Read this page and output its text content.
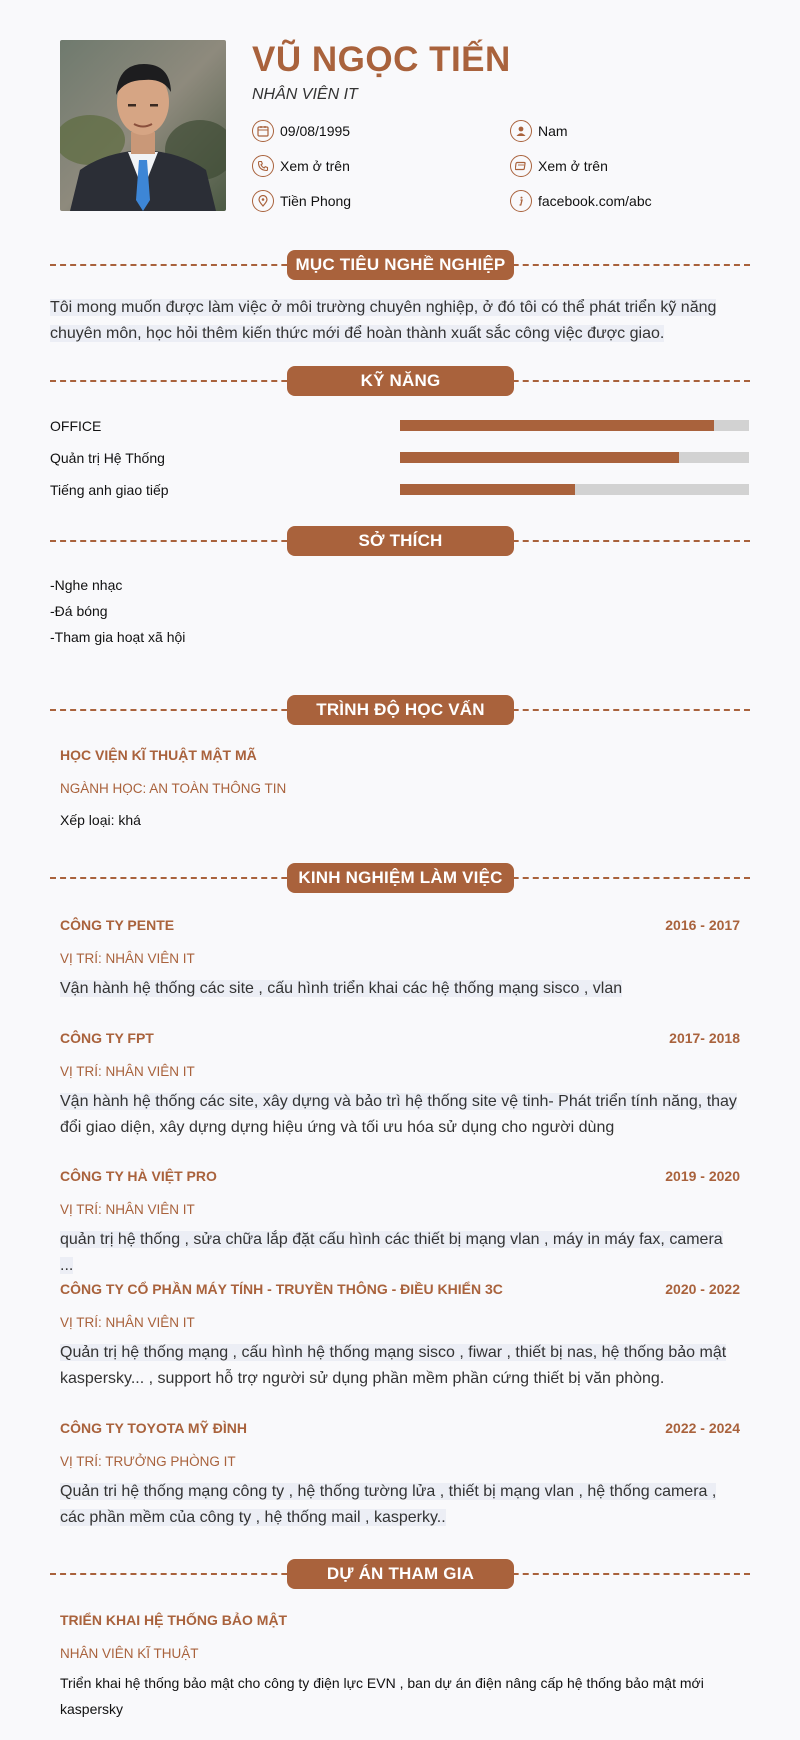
VŨ NGỌC TIẾN
NHÂN VIÊN IT
09/08/1995	Nam
Xem ở trên	Xem ở trên
Tiền Phong	facebook.com/abc
MỤC TIÊU NGHỀ NGHIỆP
Tôi mong muốn được làm việc ở môi trường chuyên nghiệp, ở đó tôi có thể phát triển kỹ năng
chuyên môn, học hỏi thêm kiến thức mới để hoàn thành xuất sắc công việc được giao.
KỸ NĂNG
OFFICE
Quản trị Hệ Thống
Tiếng anh giao tiếp
SỞ THÍCH
-Nghe nhạc
-Đá bóng
-Tham gia hoạt xã hội
TRÌNH ĐỘ HỌC VẤN
HỌC VIỆN KĨ THUẬT MẬT MÃ
NGÀNH HỌC: AN TOÀN THÔNG TIN
Xếp loại: khá
KINH NGHIỆM LÀM VIỆC
CÔNG TY PENTE	2016 - 2017
VỊ TRÍ: NHÂN VIÊN IT
Vận hành hệ thống các site , cấu hình triển khai các hệ thống mạng sisco , vlan
CÔNG TY FPT	2017- 2018
VỊ TRÍ: NHÂN VIÊN IT
Vận hành hệ thống các site, xây dựng và bảo trì hệ thống site vệ tinh- Phát triển tính năng, thay
đổi giao diện, xây dựng dựng hiệu ứng và tối ưu hóa sử dụng cho người dùng
CÔNG TY HÀ VIỆT PRO	2019 - 2020
VỊ TRÍ: NHÂN VIÊN IT
quản trị hệ thống , sửa chữa lắp đặt cấu hình các thiết bị mạng vlan , máy in máy fax, camera ...
CÔNG TY CỔ PHẦN MÁY TÍNH - TRUYỀN THÔNG - ĐIỀU KHIỂN 3C	2020 - 2022
VỊ TRÍ: NHÂN VIÊN IT
Quản trị hệ thống mạng , cấu hình hệ thống mạng sisco , fiwar , thiết bị nas, hệ thống bảo mật
kaspersky... , support hỗ trợ người sử dụng phần mềm phần cứng thiết bị văn phòng.
CÔNG TY TOYOTA MỸ ĐÌNH	2022 - 2024
VỊ TRÍ: TRƯỞNG PHÒNG IT
Quản tri hệ thống mạng công ty , hệ thống tường lửa , thiết bị mạng vlan , hệ thống camera ,
các phần mềm của công ty , hệ thống mail , kasperky..
DỰ ÁN THAM GIA
TRIỂN KHAI HỆ THỐNG BẢO MẬT
NHÂN VIÊN KĨ THUẬT
Triển khai hệ thống bảo mật cho công ty điện lực EVN , ban dự án điện nâng cấp hệ thống bảo mật mới
kaspersky
